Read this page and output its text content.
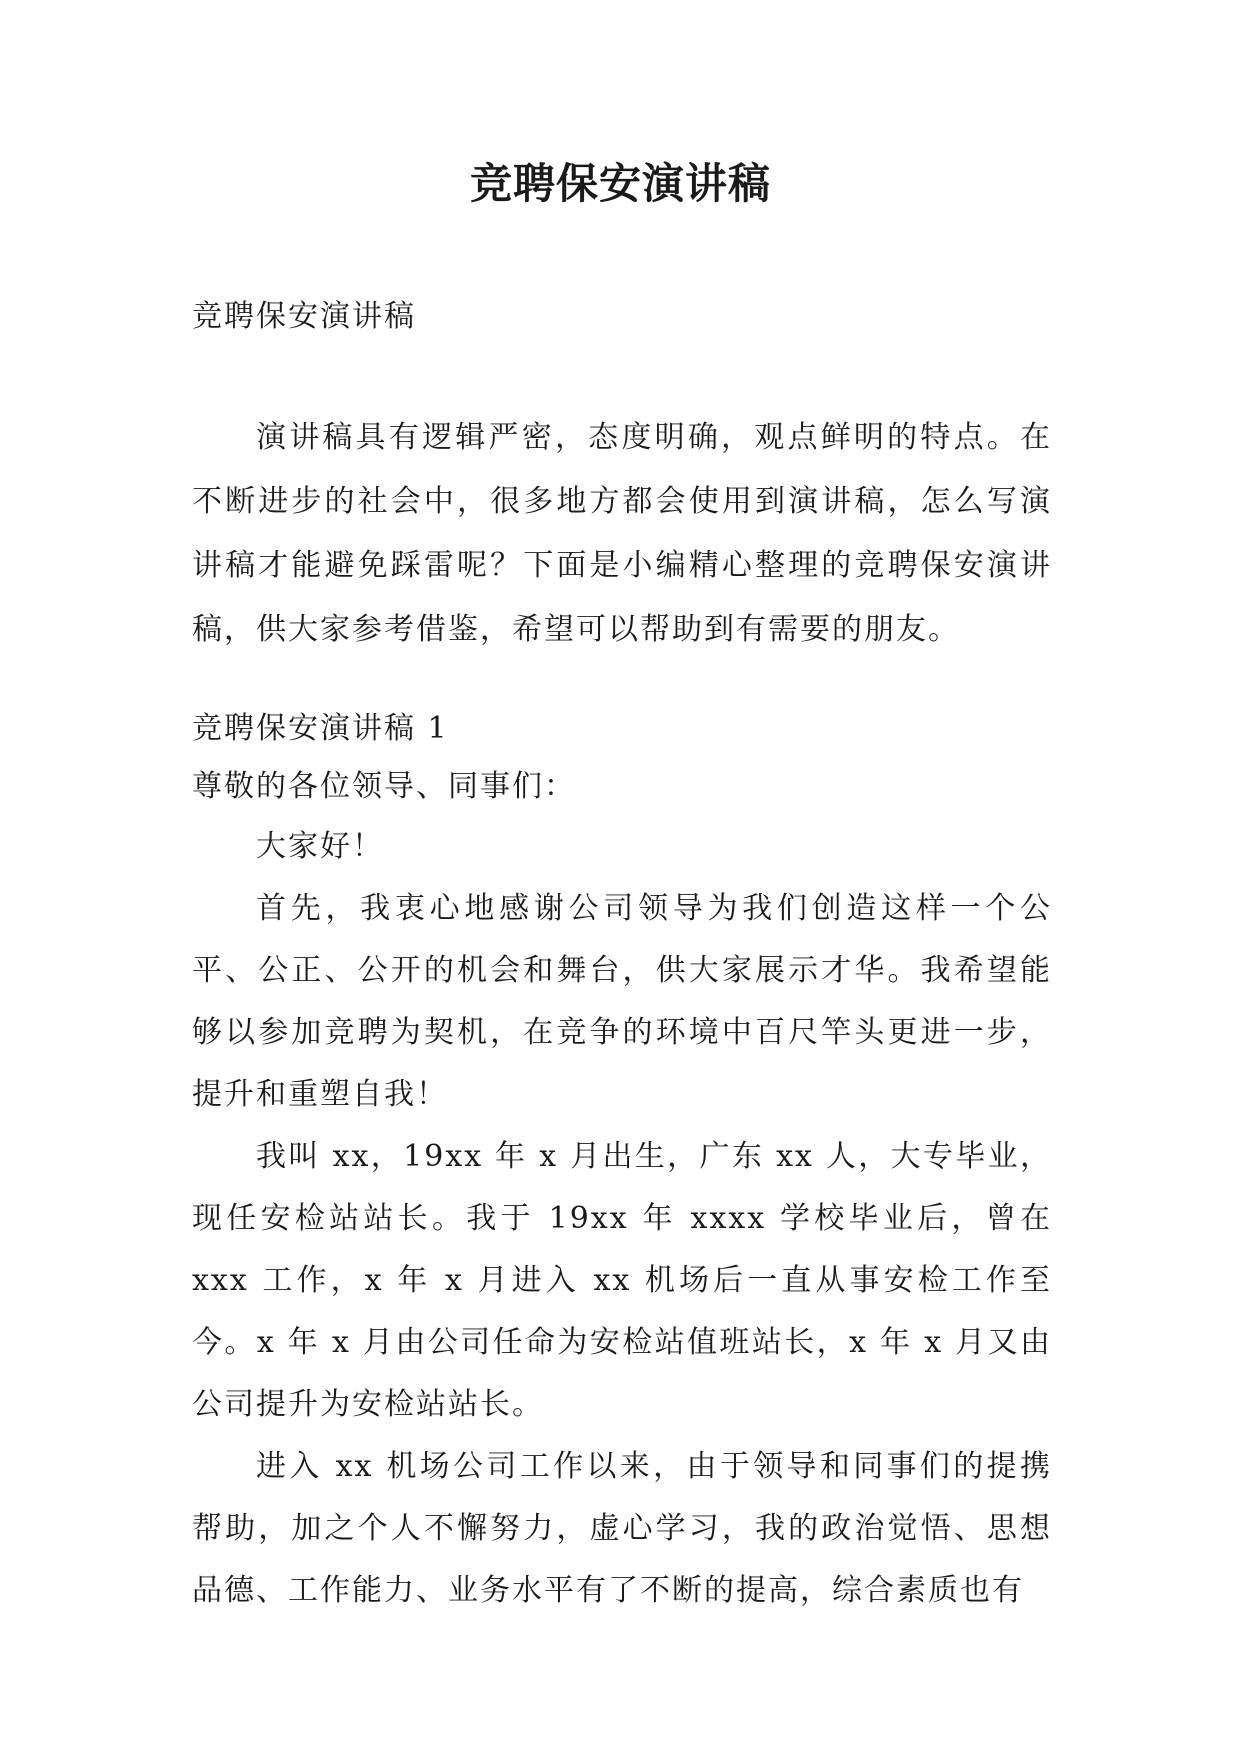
竞聘保安演讲稿

竞聘保安演讲稿

演讲稿具有逻辑严密，态度明确，观点鲜明的特点。在不断进步的社会中，很多地方都会使用到演讲稿，怎么写演讲稿才能避免踩雷呢？下面是小编精心整理的竞聘保安演讲稿，供大家参考借鉴，希望可以帮助到有需要的朋友。

竞聘保安演讲稿 1

尊敬的各位领导、同事们：

大家好！

首先，我衷心地感谢公司领导为我们创造这样一个公平、公正、公开的机会和舞台，供大家展示才华。我希望能够以参加竞聘为契机，在竞争的环境中百尺竿头更进一步，提升和重塑自我！

我叫 xx，19xx 年 x 月出生，广东 xx 人，大专毕业，现任安检站站长。我于 19xx 年 xxxx 学校毕业后，曾在 xxx 工作，x 年 x 月进入 xx 机场后一直从事安检工作至今。x 年 x 月由公司任命为安检站值班站长，x 年 x 月又由公司提升为安检站站长。

进入 xx 机场公司工作以来，由于领导和同事们的提携帮助，加之个人不懈努力，虚心学习，我的政治觉悟、思想品德、工作能力、业务水平有了不断的提高，综合素质也有
